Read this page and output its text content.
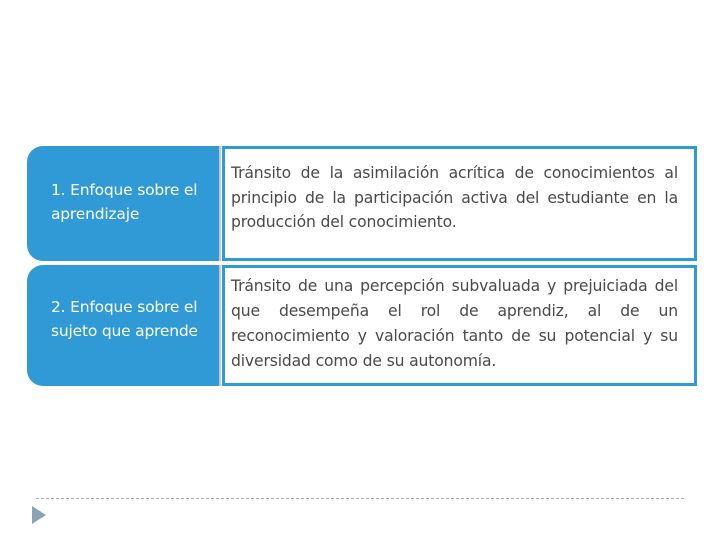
1. Enfoque sobre el aprendizaje
Tránsito de la asimilación acrítica de conocimientos al principio de la participación activa del estudiante en la producción del conocimiento.
2. Enfoque sobre el sujeto que aprende
Tránsito de una percepción subvaluada y prejuiciada del que desempeña el rol de aprendiz, al de un reconocimiento y valoración tanto de su potencial y su diversidad como de su autonomía.
